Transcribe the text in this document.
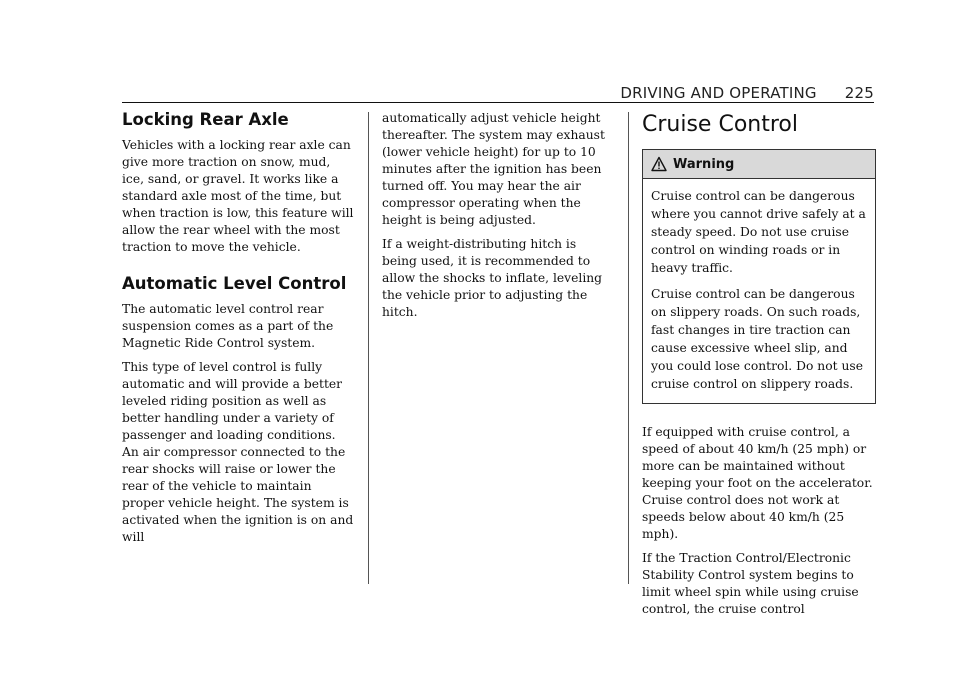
DRIVING AND OPERATING 225
Locking Rear Axle

Vehicles with a locking rear axle can give more traction on snow, mud, ice, sand, or gravel. It works like a standard axle most of the time, but when traction is low, this feature will allow the rear wheel with the most traction to move the vehicle.

Automatic Level Control

The automatic level control rear suspension comes as a part of the Magnetic Ride Control system.

This type of level control is fully automatic and will provide a better leveled riding position as well as better handling under a variety of passenger and loading conditions. An air compressor connected to the rear shocks will raise or lower the rear of the vehicle to maintain proper vehicle height. The system is activated when the ignition is on and will

automatically adjust vehicle height thereafter. The system may exhaust (lower vehicle height) for up to 10 minutes after the ignition has been turned off. You may hear the air compressor operating when the height is being adjusted.

If a weight-distributing hitch is being used, it is recommended to allow the shocks to inflate, leveling the vehicle prior to adjusting the hitch.

Cruise Control
Warning

Cruise control can be dangerous where you cannot drive safely at a steady speed. Do not use cruise control on winding roads or in heavy traffic.

Cruise control can be dangerous on slippery roads. On such roads, fast changes in tire traction can cause excessive wheel slip, and you could lose control. Do not use cruise control on slippery roads.

If equipped with cruise control, a speed of about 40 km/h (25 mph) or more can be maintained without keeping your foot on the accelerator. Cruise control does not work at speeds below about 40 km/h (25 mph).

If the Traction Control/Electronic Stability Control system begins to limit wheel spin while using cruise control, the cruise control
